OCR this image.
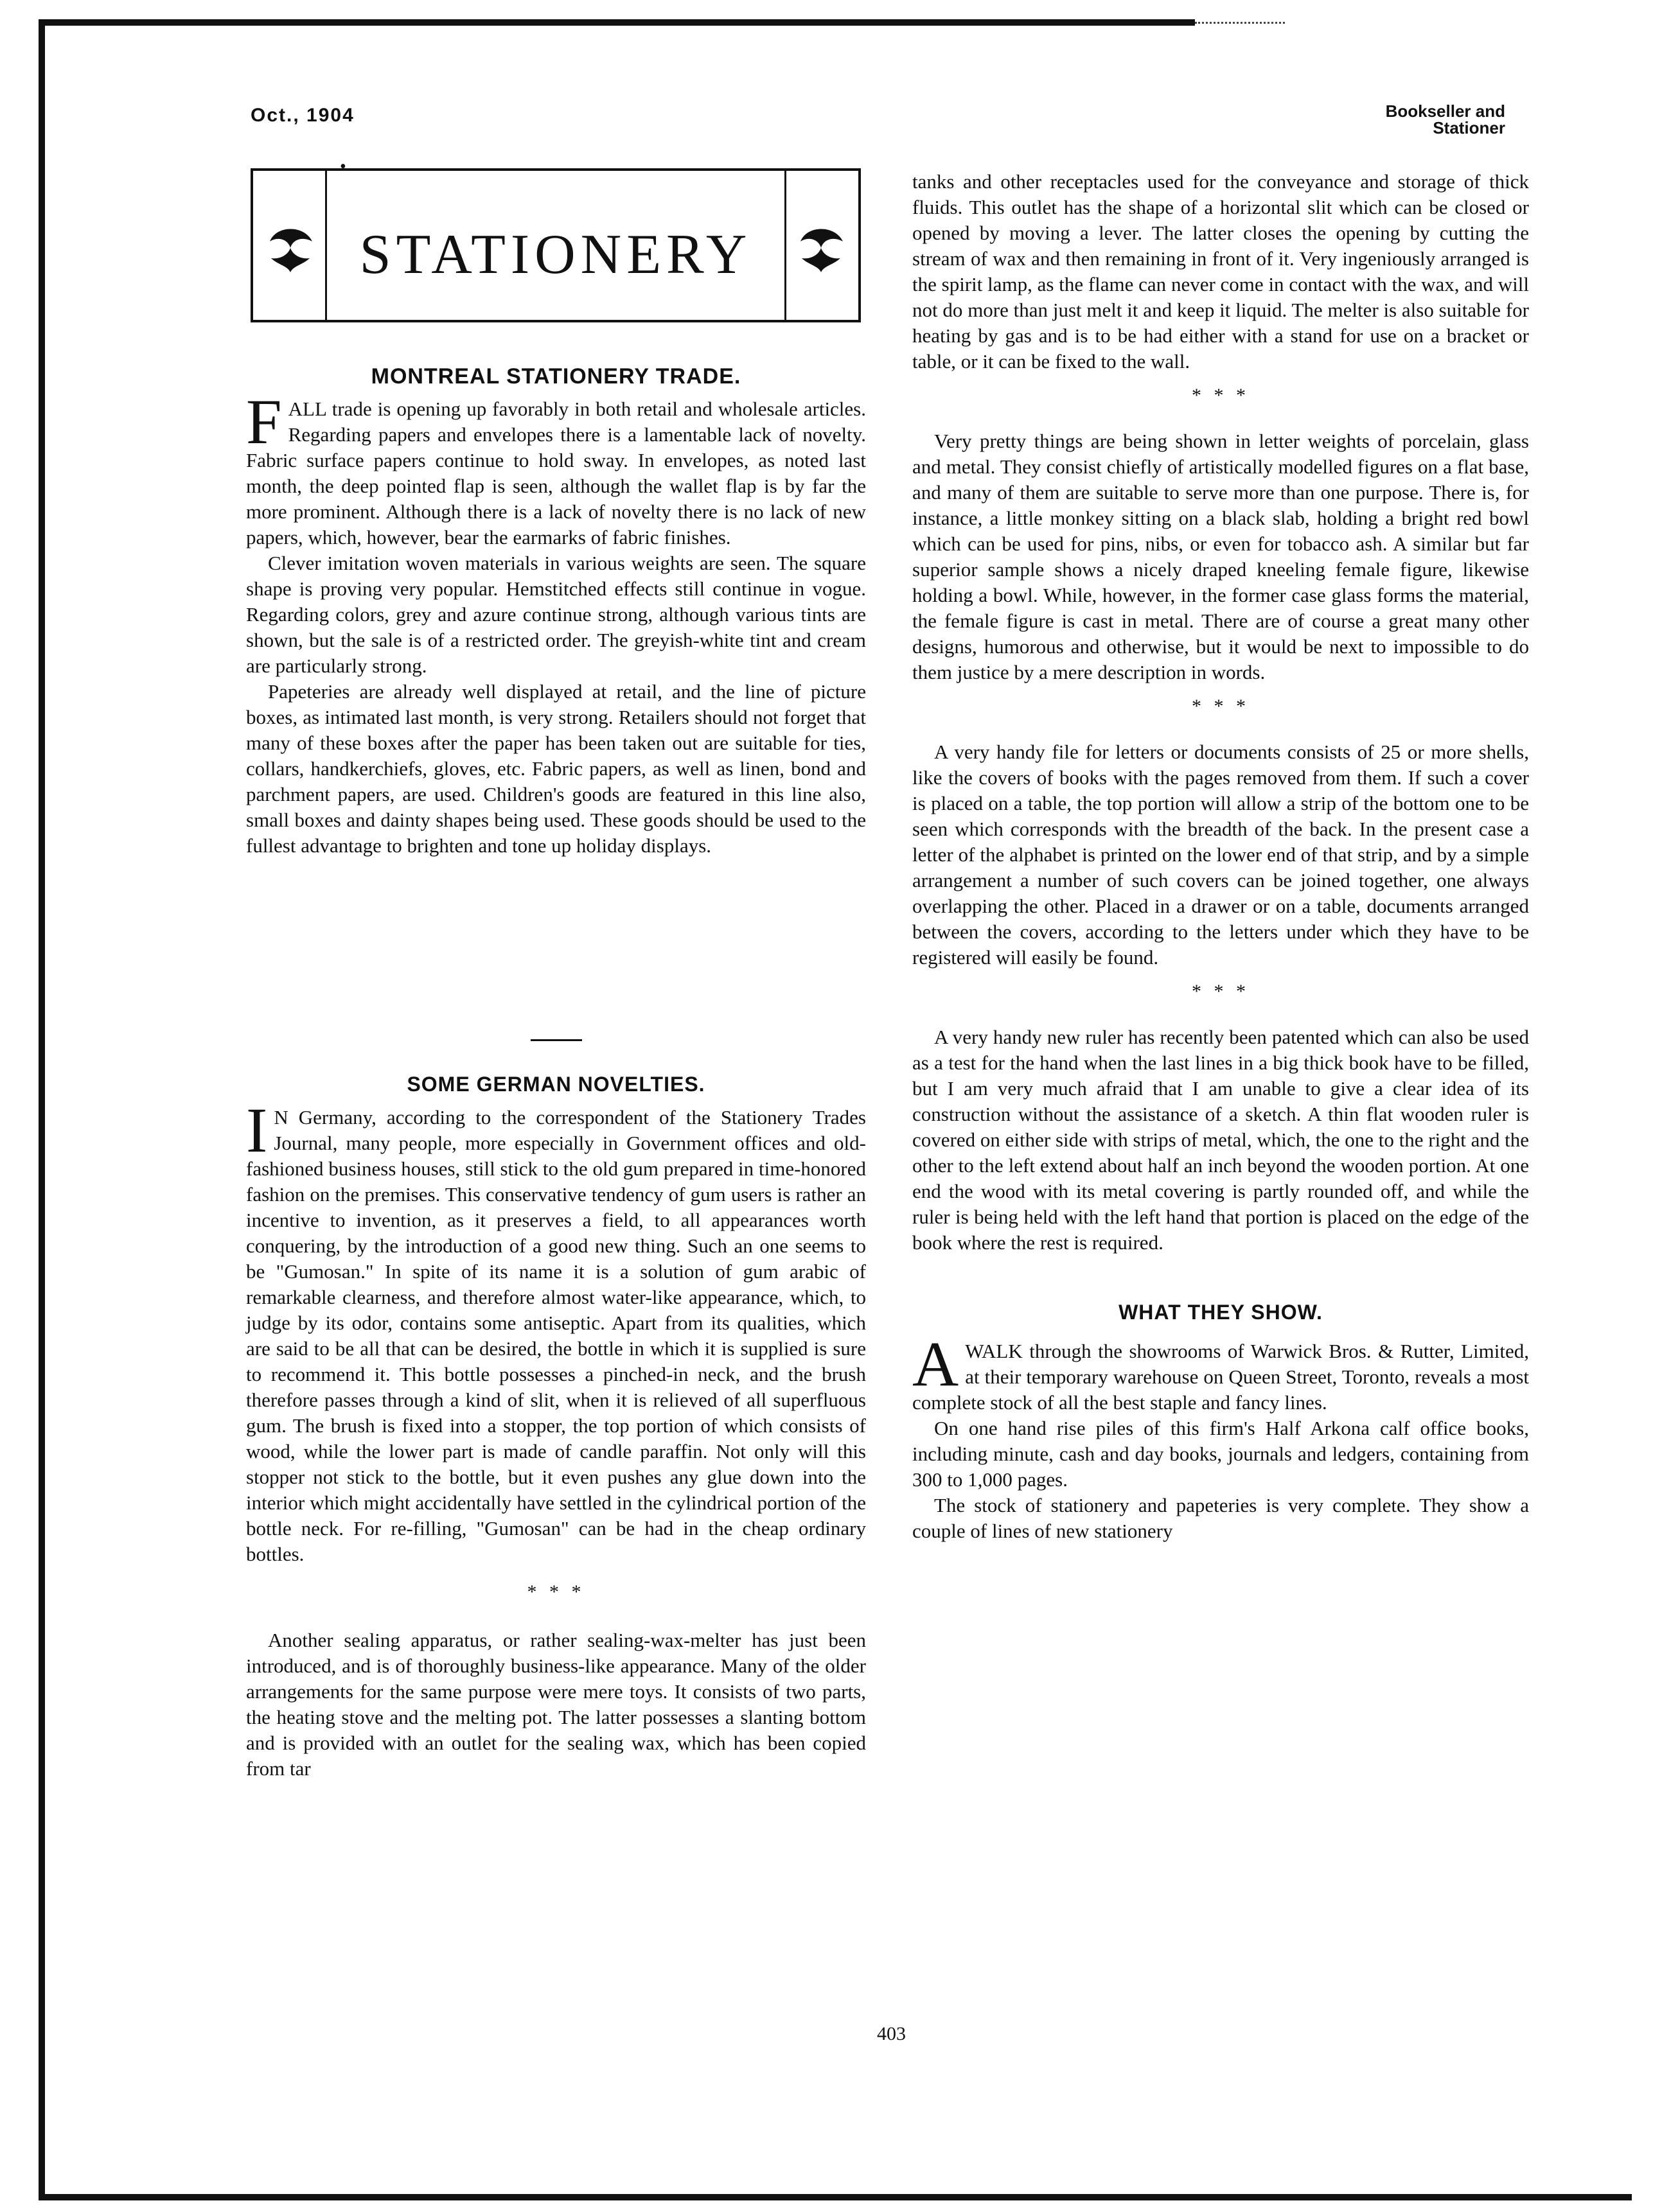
Oct., 1904	Bookseller and
Stationer
•
STATIONERY
MONTREAL STATIONERY TRADE.

FALL trade is opening up favorably in both retail and wholesale articles. Regarding papers and envelopes there is a lamentable lack of novelty. Fabric surface papers continue to hold sway. In envelopes, as noted last month, the deep pointed flap is seen, although the wallet flap is by far the more prominent. Although there is a lack of novelty there is no lack of new papers, which, however, bear the earmarks of fabric finishes.

Clever imitation woven materials in various weights are seen. The square shape is proving very popular. Hemstitched effects still continue in vogue. Regarding colors, grey and azure continue strong, although various tints are shown, but the sale is of a restricted order. The greyish-white tint and cream are particularly strong.

Papeteries are already well displayed at retail, and the line of picture boxes, as intimated last month, is very strong. Retailers should not forget that many of these boxes after the paper has been taken out are suitable for ties, collars, handkerchiefs, gloves, etc. Fabric papers, as well as linen, bond and parchment papers, are used. Children's goods are featured in this line also, small boxes and dainty shapes being used. These goods should be used to the fullest advantage to brighten and tone up holiday displays.

SOME GERMAN NOVELTIES.

I N Germany, according to the correspondent of the Stationery Trades Journal, many people, more especially in Government offices and old-fashioned business houses, still stick to the old gum prepared in time-honored fashion on the premises. This conservative tendency of gum users is rather an incentive to invention, as it preserves a field, to all appearances worth conquering, by the introduction of a good new thing. Such an one seems to be "Gumosan." In spite of its name it is a solution of gum arabic of remarkable clearness, and therefore almost water-like appearance, which, to judge by its odor, contains some antiseptic. Apart from its qualities, which are said to be all that can be desired, the bottle in which it is supplied is sure to recommend it. This bottle possesses a pinched-in neck, and the brush therefore passes through a kind of slit, when it is relieved of all superfluous gum. The brush is fixed into a stopper, the top portion of which consists of wood, while the lower part is made of candle paraffin. Not only will this stopper not stick to the bottle, but it even pushes any glue down into the interior which might accidentally have settled in the cylindrical portion of the bottle neck. For re-filling, "Gumosan" can be had in the cheap ordinary bottles.

* * *

Another sealing apparatus, or rather sealing-wax-melter has just been introduced, and is of thoroughly business-like appearance. Many of the older arrangements for the same purpose were mere toys. It consists of two parts, the heating stove and the melting pot. The latter possesses a slanting bottom and is provided with an outlet for the sealing wax, which has been copied from tar

tanks and other receptacles used for the conveyance and storage of thick fluids. This outlet has the shape of a horizontal slit which can be closed or opened by moving a lever. The latter closes the opening by cutting the stream of wax and then remaining in front of it. Very ingeniously arranged is the spirit lamp, as the flame can never come in contact with the wax, and will not do more than just melt it and keep it liquid. The melter is also suitable for heating by gas and is to be had either with a stand for use on a bracket or table, or it can be fixed to the wall.

* * *

Very pretty things are being shown in letter weights of porcelain, glass and metal. They consist chiefly of artistically modelled figures on a flat base, and many of them are suitable to serve more than one purpose. There is, for instance, a little monkey sitting on a black slab, holding a bright red bowl which can be used for pins, nibs, or even for tobacco ash. A similar but far superior sample shows a nicely draped kneeling female figure, likewise holding a bowl. While, however, in the former case glass forms the material, the female figure is cast in metal. There are of course a great many other designs, humorous and otherwise, but it would be next to impossible to do them justice by a mere description in words.

* * *

A very handy file for letters or documents consists of 25 or more shells, like the covers of books with the pages removed from them. If such a cover is placed on a table, the top portion will allow a strip of the bottom one to be seen which corresponds with the breadth of the back. In the present case a letter of the alphabet is printed on the lower end of that strip, and by a simple arrangement a number of such covers can be joined together, one always overlapping the other. Placed in a drawer or on a table, documents arranged between the covers, according to the letters under which they have to be registered will easily be found.

* * *

A very handy new ruler has recently been patented which can also be used as a test for the hand when the last lines in a big thick book have to be filled, but I am very much afraid that I am unable to give a clear idea of its construction without the assistance of a sketch. A thin flat wooden ruler is covered on either side with strips of metal, which, the one to the right and the other to the left extend about half an inch beyond the wooden portion. At one end the wood with its metal covering is partly rounded off, and while the ruler is being held with the left hand that portion is placed on the edge of the book where the rest is required.

WHAT THEY SHOW.

AWALK through the showrooms of Warwick Bros. & Rutter, Limited, at their temporary warehouse on Queen Street, Toronto, reveals a most complete stock of all the best staple and fancy lines.

On one hand rise piles of this firm's Half Arkona calf office books, including minute, cash and day books, journals and ledgers, containing from 300 to 1,000 pages.

The stock of stationery and papeteries is very complete. They show a couple of lines of new stationery

403
